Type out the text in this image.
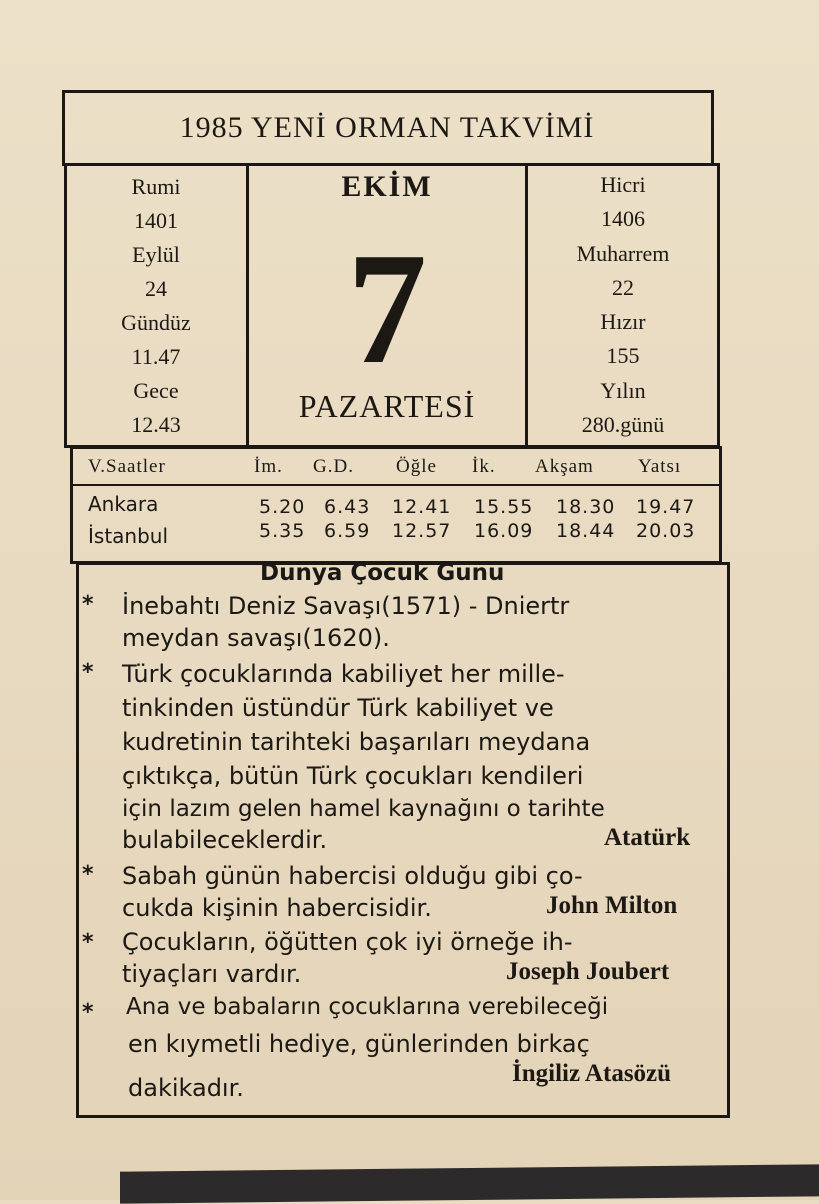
1985 YENİ ORMAN TAKVİMİ
Rumi
1401
Eylül
24
Gündüz
11.47
Gece
12.43
EKİM
7
PAZARTESİ
Hicri
1406
Muharrem
22
Hızır
155
Yılın
280.günü
V.Saatler	İm. G.D. Öğle İk. Akşam Yatsı
Ankara	5.20 6.43 12.41 15.55 18.30 19.47
İstanbul	5.35 6.59 12.57 16.09 18.44 20.03
Dünya Çocuk Günü
* İnebahtı Deniz Savaşı(1571) - Dniertr
meydan savaşı(1620).
* Türk çocuklarında kabiliyet her mille-
tinkinden üstündür Türk kabiliyet ve
kudretinin tarihteki başarıları meydana
çıktıkça, bütün Türk çocukları kendileri
için lazım gelen hamel kaynağını o tarihte
bulabileceklerdir.	Atatürk
* Sabah günün habercisi olduğu gibi ço-
cukda kişinin habercisidir.	John Milton
* Çocukların, öğütten çok iyi örneğe ih-
tiyaçları vardır.	Joseph Joubert
* Ana ve babaların çocuklarına verebileceği
en kıymetli hediye, günlerinden birkaç
dakikadır.
İngiliz Atasözü
